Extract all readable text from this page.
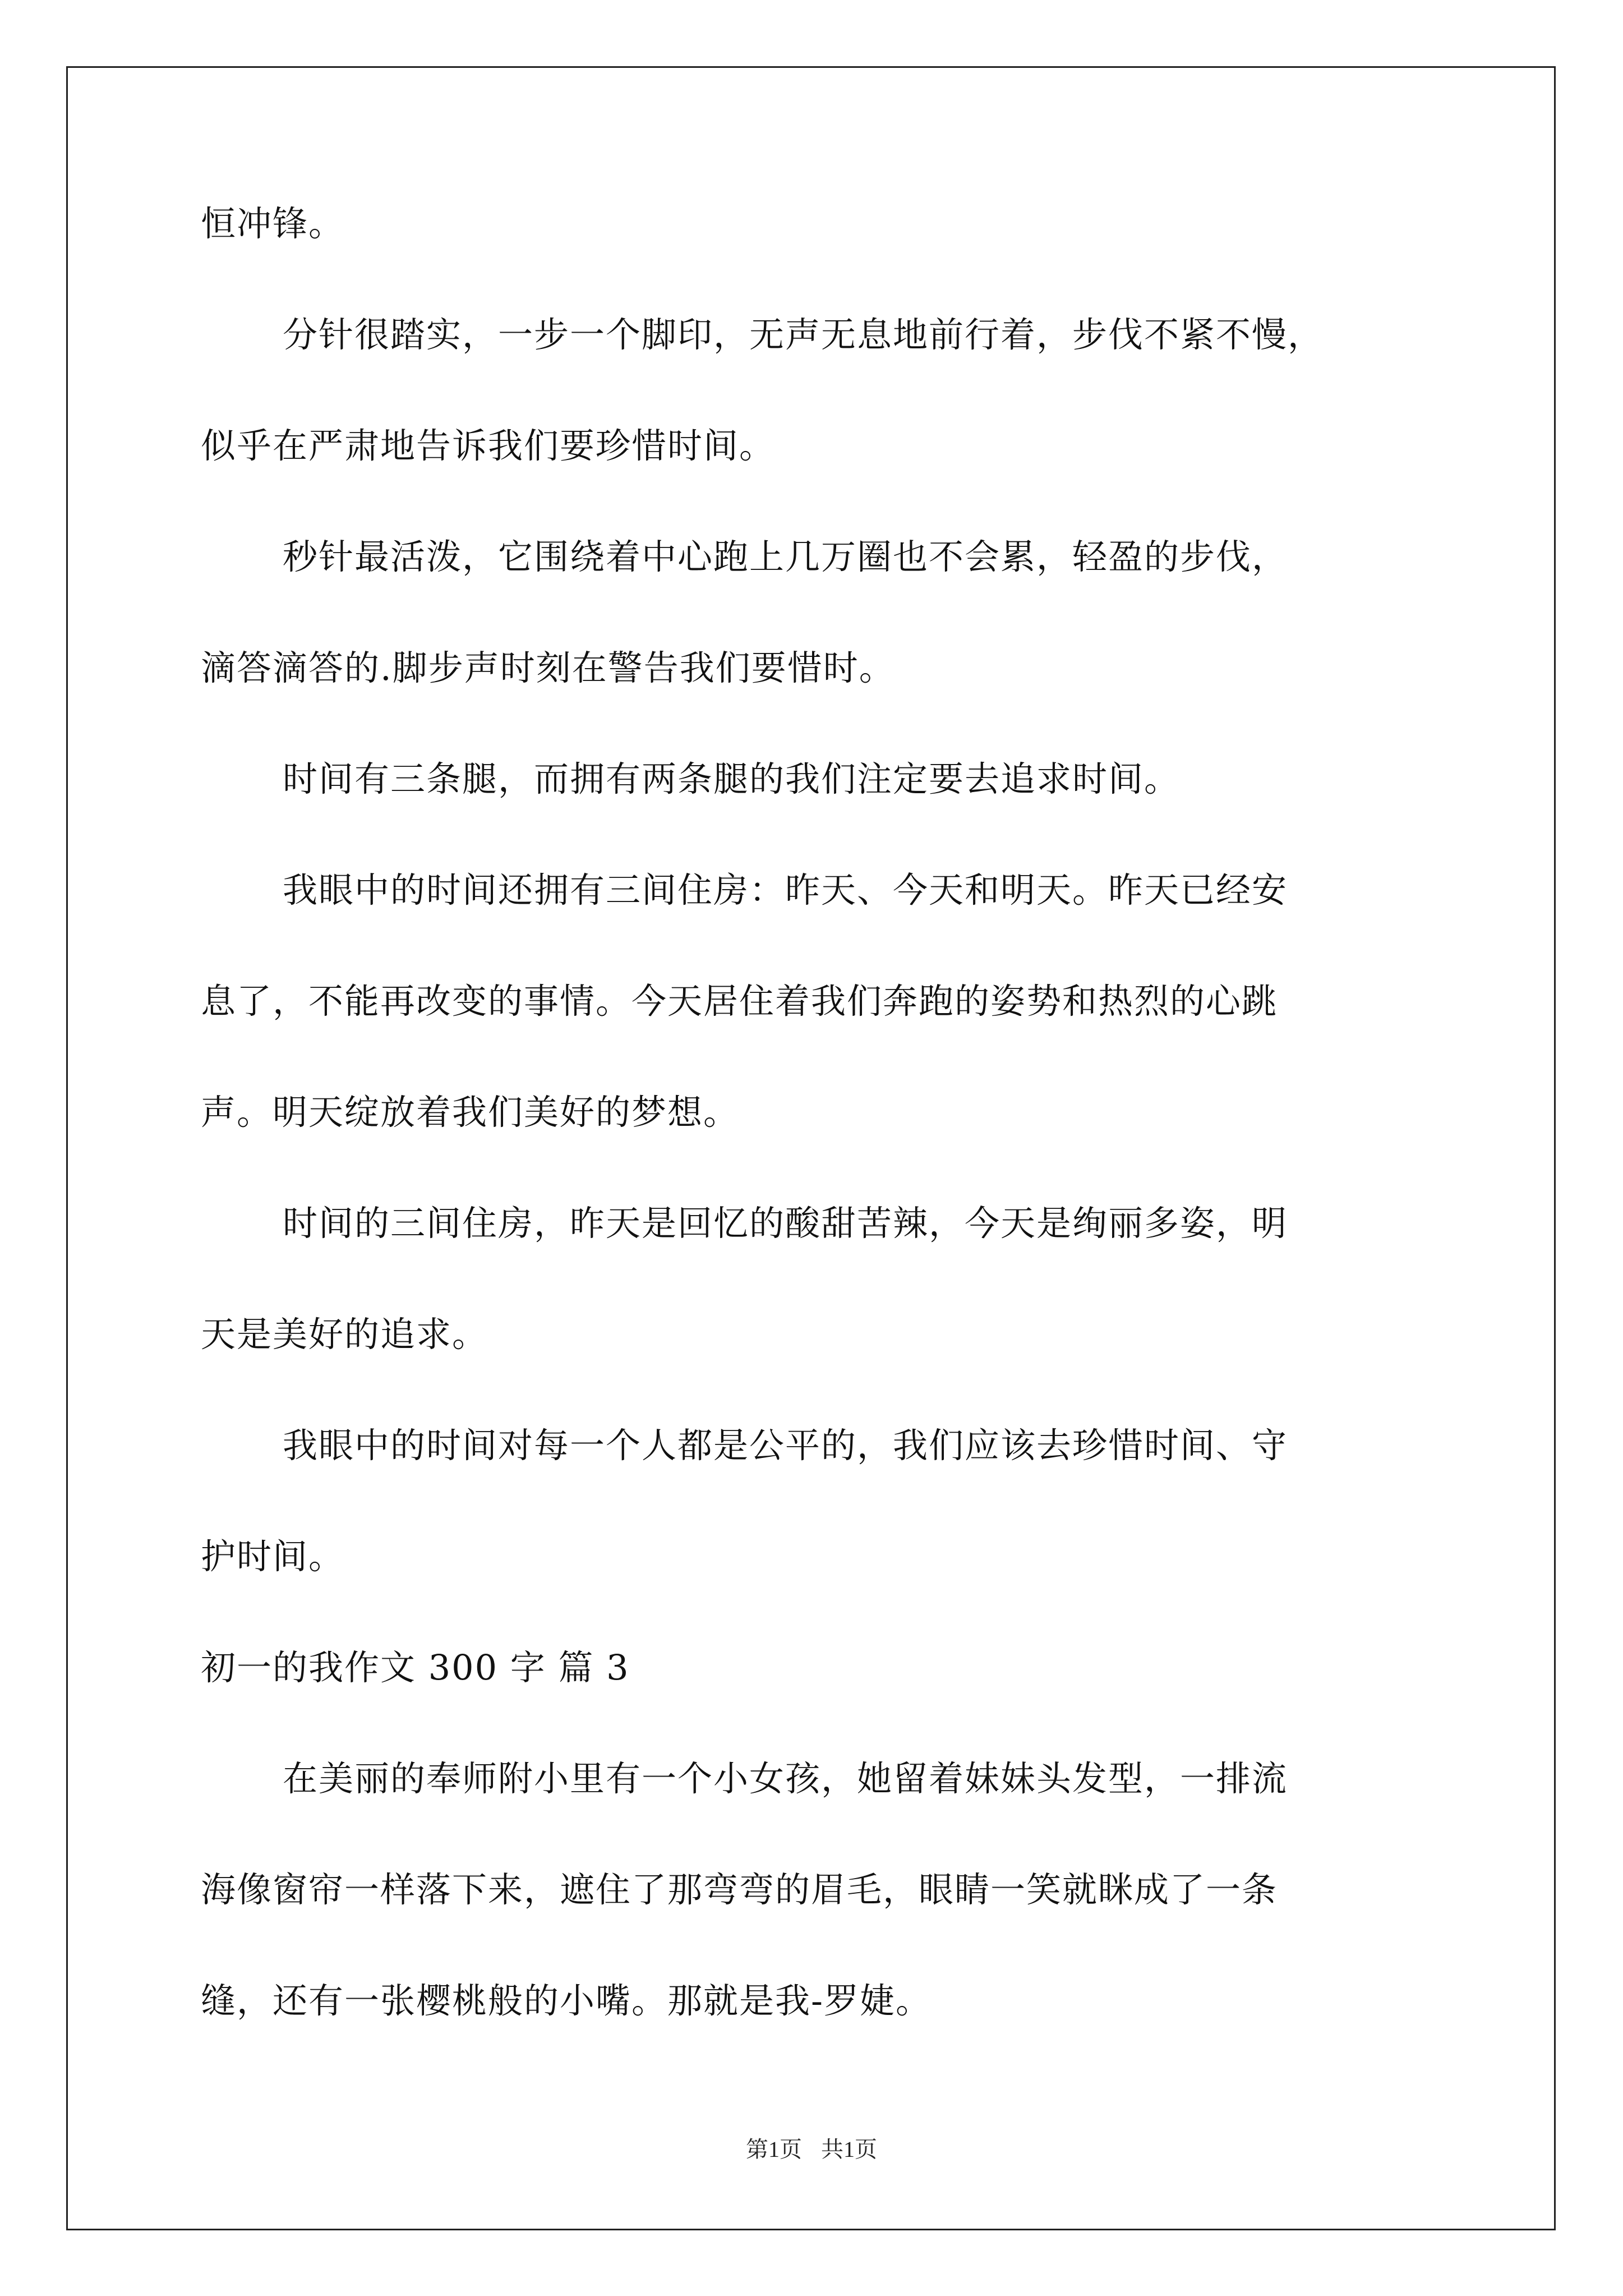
恒冲锋。
分针很踏实，一步一个脚印，无声无息地前行着，步伐不紧不慢，
似乎在严肃地告诉我们要珍惜时间。
秒针最活泼，它围绕着中心跑上几万圈也不会累，轻盈的步伐，
滴答滴答的.脚步声时刻在警告我们要惜时。
时间有三条腿，而拥有两条腿的我们注定要去追求时间。
我眼中的时间还拥有三间住房：昨天、今天和明天。昨天已经安
息了，不能再改变的事情。今天居住着我们奔跑的姿势和热烈的心跳
声。明天绽放着我们美好的梦想。
时间的三间住房，昨天是回忆的酸甜苦辣，今天是绚丽多姿，明
天是美好的追求。
我眼中的时间对每一个人都是公平的，我们应该去珍惜时间、守
护时间。
初一的我作文 300 字 篇 3
在美丽的奉师附小里有一个小女孩，她留着妹妹头发型，一排流
海像窗帘一样落下来，遮住了那弯弯的眉毛，眼睛一笑就眯成了一条
缝，还有一张樱桃般的小嘴。那就是我-罗婕。
第1页 共1页
